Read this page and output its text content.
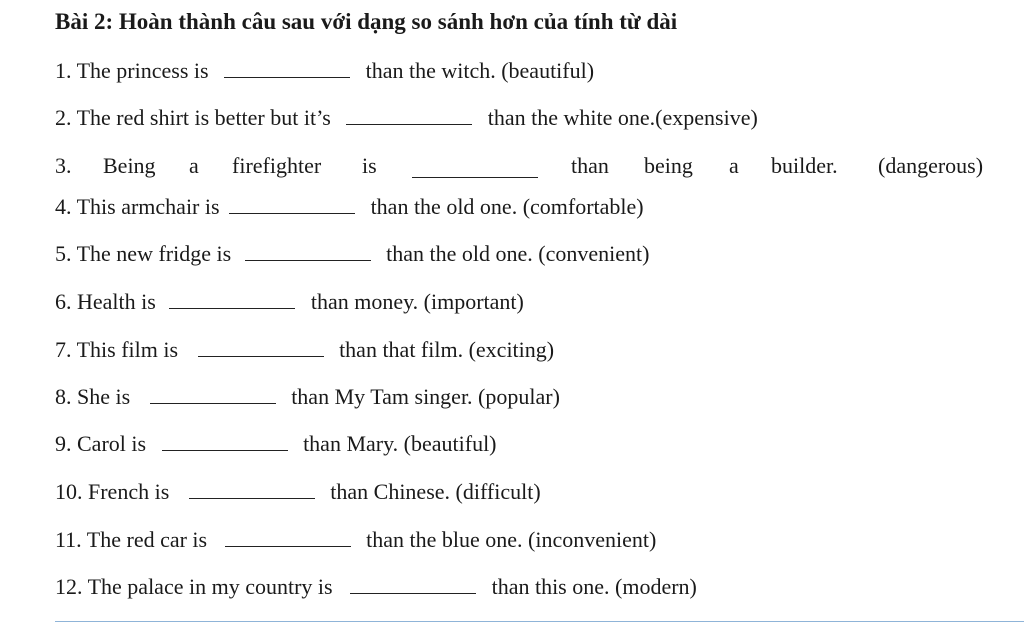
Bài 2: Hoàn thành câu sau với dạng so sánh hơn của tính từ dài
1. The princess is	than the witch. (beautiful)
2. The red shirt is better but it’s	than the white one.(expensive)
3. Being a firefighter is	than being a builder. (dangerous)
4. This armchair is	than the old one. (comfortable)
5. The new fridge is	than the old one. (convenient)
6. Health is	than money. (important)
7. This film is	than that film. (exciting)
8. She is	than My Tam singer. (popular)
9. Carol is	than Mary. (beautiful)
10. French is	than Chinese. (difficult)
11. The red car is	than the blue one. (inconvenient)
12. The palace in my country is	than this one. (modern)
